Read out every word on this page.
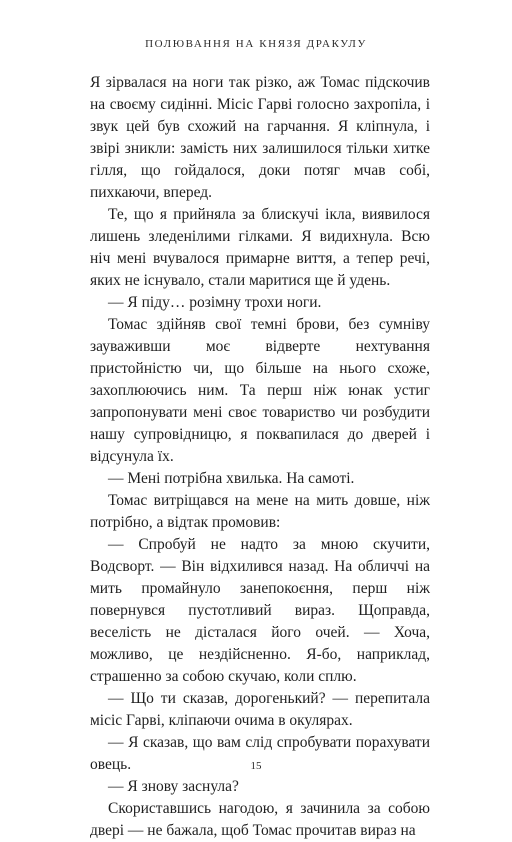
ПОЛЮВАННЯ НА КНЯЗЯ ДРАКУЛУ

Я зірвалася на ноги так різко, аж Томас підскочив на своєму сидінні. Місіс Гарві голосно захропіла, і звук цей був схожий на гарчання. Я кліпнула, і звірі зникли: замість них залишилося тільки хитке гілля, що гойдалося, доки потяг мчав собі, пихкаючи, вперед.

Те, що я прийняла за блискучі ікла, виявилося лишень зледенілими гілками. Я видихнула. Всю ніч мені вчувалося примарне виття, а тепер речі, яких не існувало, стали маритися ще й удень.

— Я піду… розімну трохи ноги.

Томас здійняв свої темні брови, без сумніву зауваживши моє відверте нехтування пристойністю чи, що більше на нього схоже, захоплюючись ним. Та перш ніж юнак устиг запропонувати мені своє товариство чи розбудити нашу супровідницю, я поквапилася до дверей і відсунула їх.

— Мені потрібна хвилька. На самоті.

Томас витріщався на мене на мить довше, ніж потрібно, а відтак промовив:

— Спробуй не надто за мною скучити, Водсворт. — Він відхилився назад. На обличчі на мить промайнуло занепокоєння, перш ніж повернувся пустотливий вираз. Щоправда, веселість не дісталася його очей. — Хоча, можливо, це нездійсненно. Я-бо, наприклад, страшенно за собою скучаю, коли сплю.

— Що ти сказав, дорогенький? — перепитала місіс Гарві, кліпаючи очима в окулярах.

— Я сказав, що вам слід спробувати порахувати овець.

— Я знову заснула?

Скориставшись нагодою, я зачинила за собою двері — не бажала, щоб Томас прочитав вираз на

15
